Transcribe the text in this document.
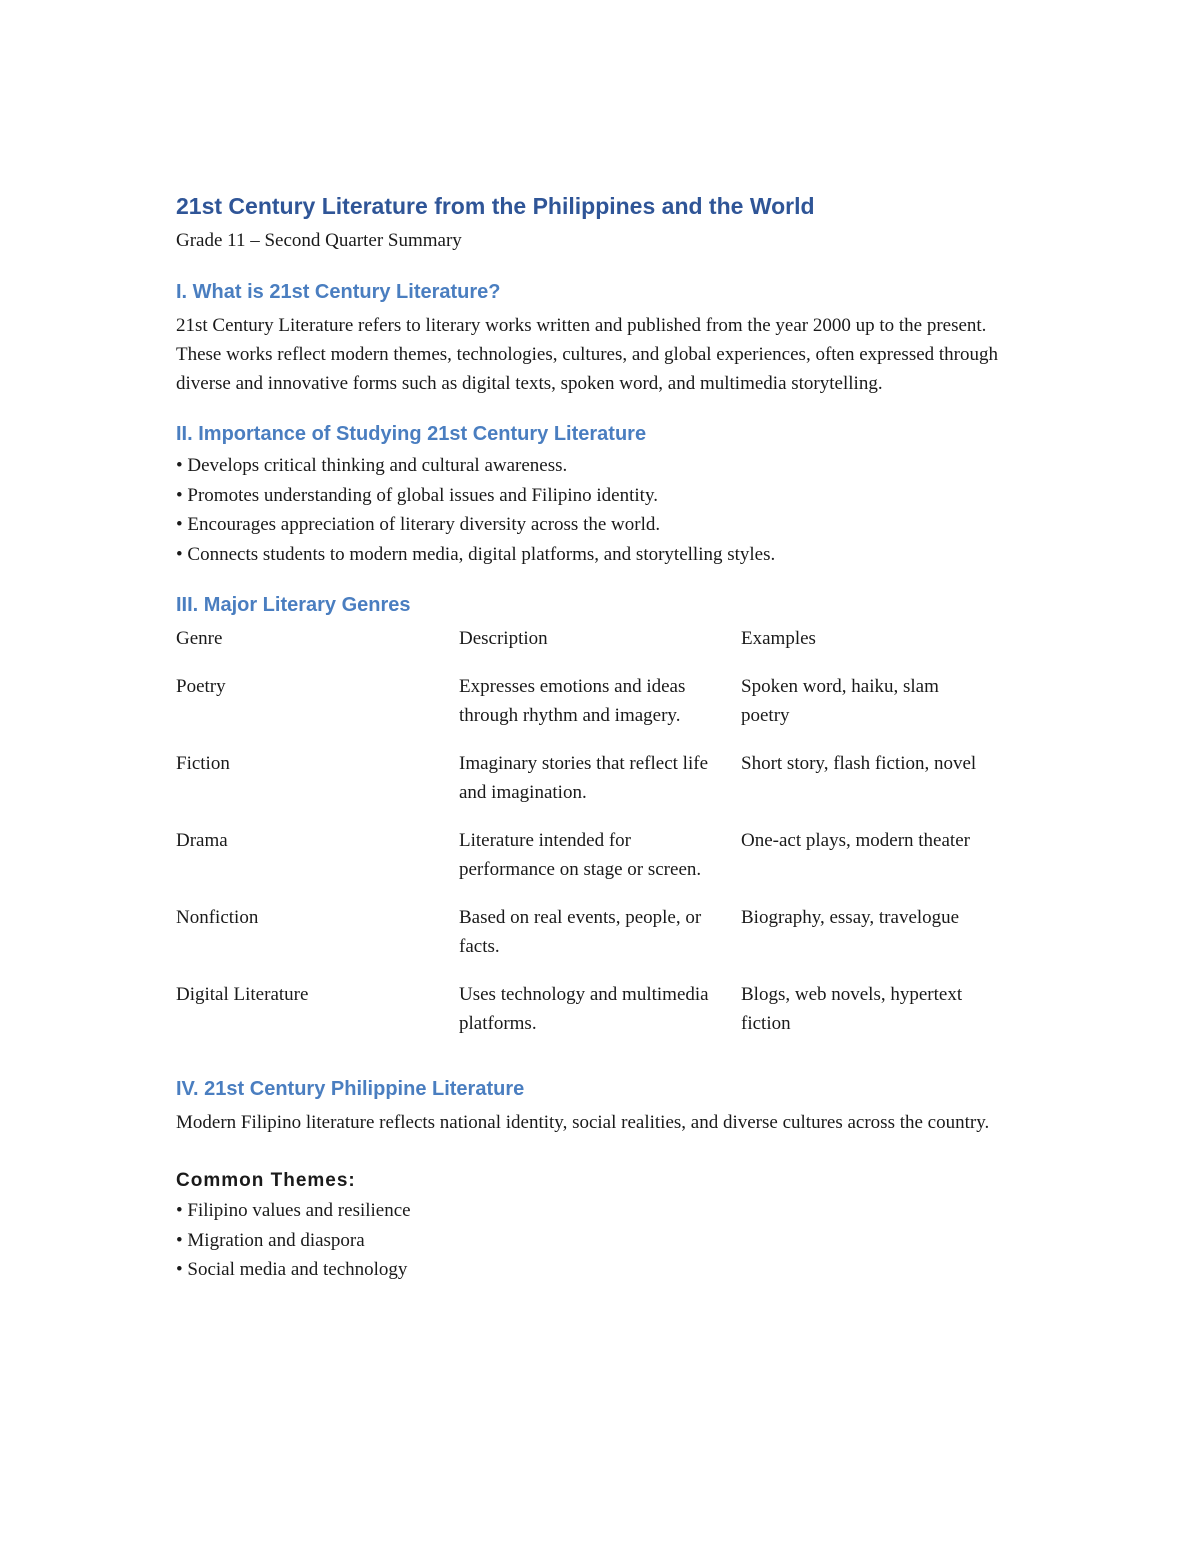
21st Century Literature from the Philippines and the World

Grade 11 – Second Quarter Summary

I. What is 21st Century Literature?

21st Century Literature refers to literary works written and published from the year 2000 up to the present. These works reflect modern themes, technologies, cultures, and global experiences, often expressed through diverse and innovative forms such as digital texts, spoken word, and multimedia storytelling.

II. Importance of Studying 21st Century Literature
• Develops critical thinking and cultural awareness.
• Promotes understanding of global issues and Filipino identity.
• Encourages appreciation of literary diversity across the world.
• Connects students to modern media, digital platforms, and storytelling styles.
III. Major Literary Genres
Genre	Description	Examples
Poetry	Expresses emotions and ideas through rhythm and imagery.	Spoken word, haiku, slam poetry
Fiction	Imaginary stories that reflect life and imagination.	Short story, flash fiction, novel
Drama	Literature intended for performance on stage or screen.	One-act plays, modern theater
Nonfiction	Based on real events, people, or facts.	Biography, essay, travelogue
Digital Literature	Uses technology and multimedia platforms.	Blogs, web novels, hypertext fiction
IV. 21st Century Philippine Literature

Modern Filipino literature reflects national identity, social realities, and diverse cultures across the country.

Common Themes:
• Filipino values and resilience
• Migration and diaspora
• Social media and technology
